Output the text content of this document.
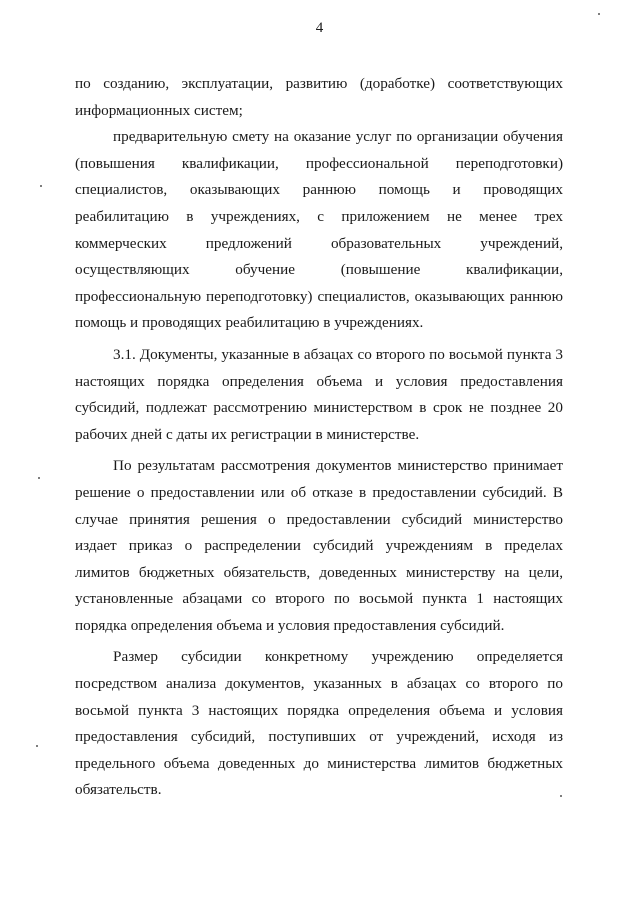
4

по созданию, эксплуатации, развитию (доработке) соответствующих информационных систем;

предварительную смету на оказание услуг по организации обучения (повышения квалификации, профессиональной переподготовки) специалистов, оказывающих раннюю помощь и проводящих реабилитацию в учреждениях, с приложением не менее трех коммерческих предложений образовательных учреждений, осуществляющих обучение (повышение квалификации, профессиональную переподготовку) специалистов, оказывающих раннюю помощь и проводящих реабилитацию в учреждениях.

3.1. Документы, указанные в абзацах со второго по восьмой пункта 3 настоящих порядка определения объема и условия предоставления субсидий, подлежат рассмотрению министерством в срок не позднее 20 рабочих дней с даты их регистрации в министерстве.

По результатам рассмотрения документов министерство принимает решение о предоставлении или об отказе в предоставлении субсидий. В случае принятия решения о предоставлении субсидий министерство издает приказ о распределении субсидий учреждениям в пределах лимитов бюджетных обязательств, доведенных министерству на цели, установленные абзацами со второго по восьмой пункта 1 настоящих порядка определения объема и условия предоставления субсидий.

Размер субсидии конкретному учреждению определяется посредством анализа документов, указанных в абзацах со второго по восьмой пункта 3 настоящих порядка определения объема и условия предоставления субсидий, поступивших от учреждений, исходя из предельного объема доведенных до министерства лимитов бюджетных обязательств.
